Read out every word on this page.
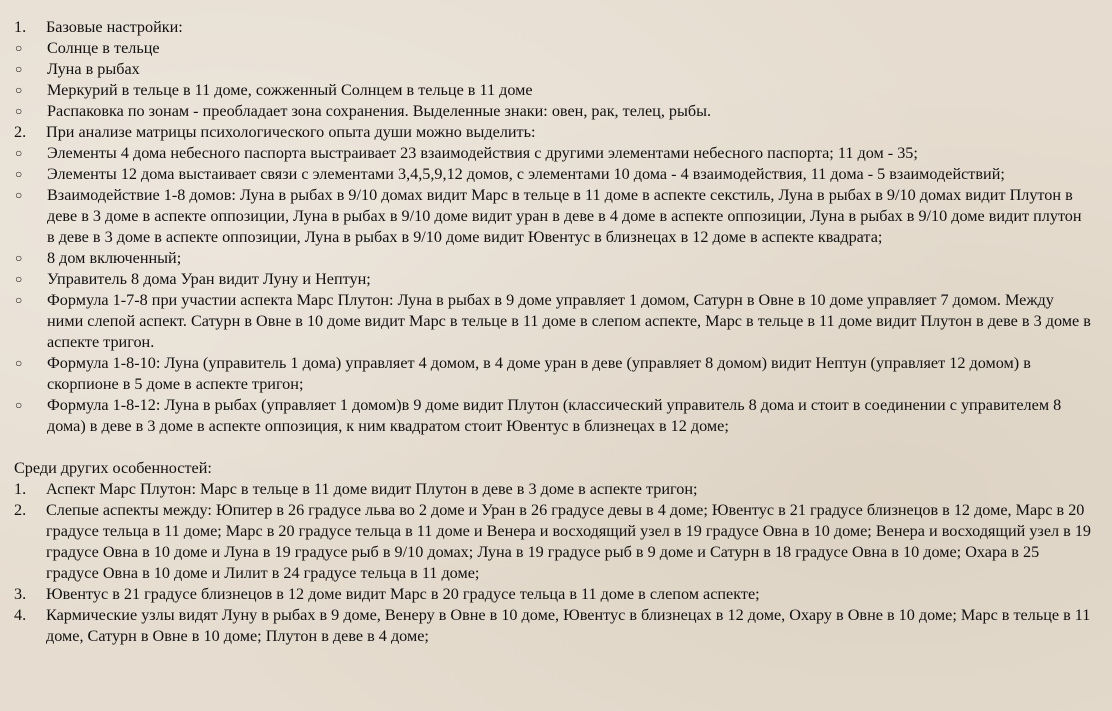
1.	Базовые настройки:
○	Солнце в тельце
○	Луна в рыбах
○	Меркурий в тельце в 11 доме, сожженный Солнцем в тельце в 11 доме
○	Распаковка по зонам - преобладает зона сохранения. Выделенные знаки: овен, рак, телец, рыбы.
2.	При анализе матрицы психологического опыта души можно выделить:
○	Элементы 4 дома небесного паспорта выстраивает 23 взаимодействия с другими элементами небесного паспорта; 11 дом - 35;
○	Элементы 12 дома выстаивает связи с элементами 3,4,5,9,12 домов, с элементами 10 дома - 4 взаимодействия, 11 дома - 5 взаимодействий;
○	Взаимодействие 1-8 домов: Луна в рыбах в 9/10 домах видит Марс в тельце в 11 доме в аспекте секстиль, Луна в рыбах в 9/10 домах видит Плутон в деве в 3 доме в аспекте оппозиции, Луна в рыбах в 9/10 доме видит уран в деве в 4 доме в аспекте оппозиции, Луна в рыбах в 9/10 доме видит плутон в деве в 3 доме в аспекте оппозиции, Луна в рыбах в 9/10 доме видит Ювентус в близнецах в 12 доме в аспекте квадрата;
○	8 дом включенный;
○	Управитель 8 дома Уран видит Луну и Нептун;
○	Формула 1-7-8 при участии аспекта Марс Плутон: Луна в рыбах в 9 доме управляет 1 домом, Сатурн в Овне в 10 доме управляет 7 домом. Между ними слепой аспект. Сатурн в Овне в 10 доме видит Марс в тельце в 11 доме в слепом аспекте, Марс в тельце в 11 доме видит Плутон в деве в 3 доме в аспекте тригон.
○	Формула 1-8-10: Луна (управитель 1 дома) управляет 4 домом, в 4 доме уран в деве (управляет 8 домом) видит Нептун (управляет 12 домом) в скорпионе в 5 доме в аспекте тригон;
○	Формула 1-8-12: Луна в рыбах (управляет 1 домом)в 9 доме видит Плутон (классический управитель 8 дома и стоит в соединении с управителем 8 дома) в деве в 3 доме в аспекте оппозиция, к ним квадратом стоит Ювентус в близнецах в 12 доме;
Среди других особенностей:
1.	Аспект Марс Плутон: Марс в тельце в 11 доме видит Плутон в деве в 3 доме в аспекте тригон;
2.	Слепые аспекты между: Юпитер в 26 градусе льва во 2 доме и Уран в 26 градусе девы в 4 доме; Ювентус в 21 градусе близнецов в 12 доме, Марс в 20 градусе тельца в 11 доме; Марс в 20 градусе тельца в 11 доме и Венера и восходящий узел в 19 градусе Овна в 10 доме; Венера и восходящий узел в 19 градусе Овна в 10 доме и Луна в 19 градусе рыб в 9/10 домах; Луна в 19 градусе рыб в 9 доме и Сатурн в 18 градусе Овна в 10 доме; Охара в 25 градусе Овна в 10 доме и Лилит в 24 градусе тельца в 11 доме;
3.	Ювентус в 21 градусе близнецов в 12 доме видит Марс в 20 градусе тельца в 11 доме в слепом аспекте;
4.	Кармические узлы видят Луну в рыбах в 9 доме, Венеру в Овне в 10 доме, Ювентус в близнецах в 12 доме, Охару в Овне в 10 доме; Марс в тельце в 11 доме, Сатурн в Овне в 10 доме; Плутон в деве в 4 доме;
